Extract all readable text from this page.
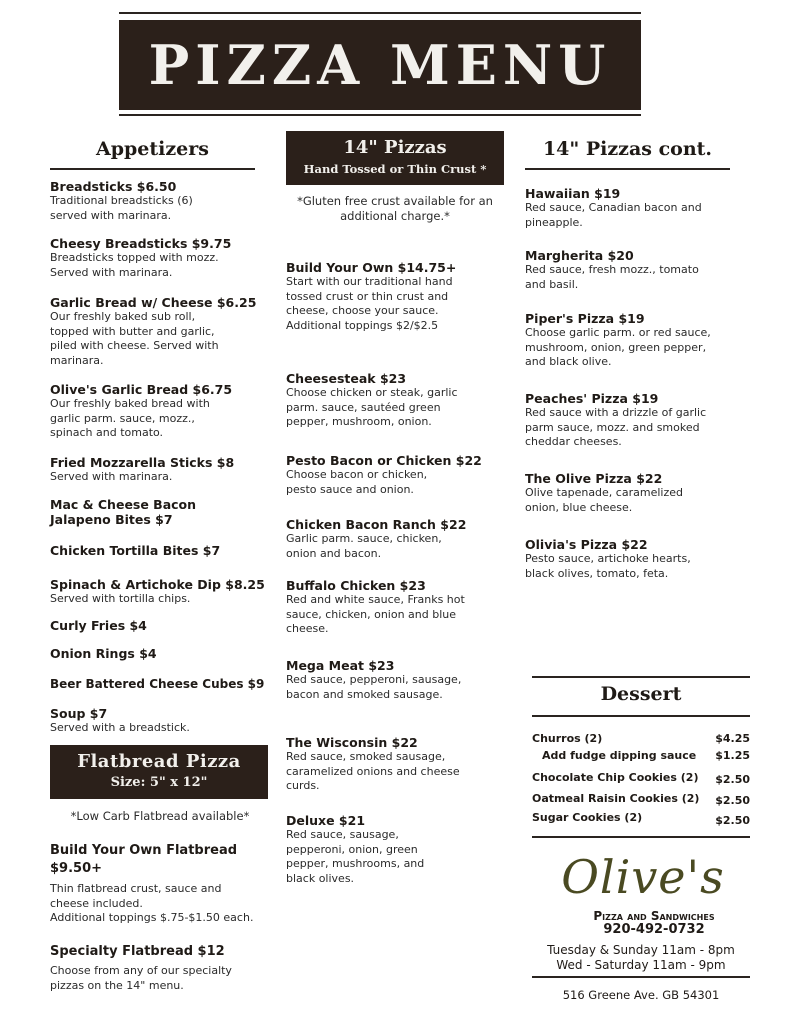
PIZZA MENU
Appetizers
Breadsticks $6.50
Traditional breadsticks (6) served with marinara.
Cheesy Breadsticks $9.75
Breadsticks topped with mozz. Served with marinara.
Garlic Bread w/ Cheese $6.25
Our freshly baked sub roll, topped with butter and garlic, piled with cheese. Served with marinara.
Olive's Garlic Bread $6.75
Our freshly baked bread with garlic parm. sauce, mozz., spinach and tomato.
Fried Mozzarella Sticks $8
Served with marinara.
Mac & Cheese Bacon Jalapeno Bites $7
Chicken Tortilla Bites $7
Spinach & Artichoke Dip $8.25
Served with tortilla chips.
Curly Fries $4
Onion Rings $4
Beer Battered Cheese Cubes $9
Soup $7
Served with a breadstick.
Flatbread Pizza
Size: 5" x 12"
*Low Carb Flatbread available*
Build Your Own Flatbread
$9.50+
Thin flatbread crust, sauce and cheese included.
Additional toppings $.75-$1.50 each.
Specialty Flatbread $12
Choose from any of our specialty pizzas on the 14" menu.
14" Pizzas
Hand Tossed or Thin Crust *
*Gluten free crust available for an additional charge.*
Build Your Own $14.75+
Start with our traditional hand tossed crust or thin crust and cheese, choose your sauce. Additional toppings $2/$2.5
Cheesesteak $23
Choose chicken or steak, garlic parm. sauce, sautéed green pepper, mushroom, onion.
Pesto Bacon or Chicken $22
Choose bacon or chicken, pesto sauce and onion.
Chicken Bacon Ranch $22
Garlic parm. sauce, chicken, onion and bacon.
Buffalo Chicken $23
Red and white sauce, Franks hot sauce, chicken, onion and blue cheese.
Mega Meat $23
Red sauce, pepperoni, sausage, bacon and smoked sausage.
The Wisconsin $22
Red sauce, smoked sausage, caramelized onions and cheese curds.
Deluxe $21
Red sauce, sausage, pepperoni, onion, green pepper, mushrooms, and black olives.
14" Pizzas cont.
Hawaiian $19
Red sauce, Canadian bacon and pineapple.
Margherita $20
Red sauce, fresh mozz., tomato and basil.
Piper's Pizza $19
Choose garlic parm. or red sauce, mushroom, onion, green pepper, and black olive.
Peaches' Pizza $19
Red sauce with a drizzle of garlic parm sauce, mozz. and smoked cheddar cheeses.
The Olive Pizza $22
Olive tapenade, caramelized onion, blue cheese.
Olivia's Pizza $22
Pesto sauce, artichoke hearts, black olives, tomato, feta.
Dessert
Churros (2)	$4.25
Add fudge dipping sauce	$1.25
Chocolate Chip Cookies (2)	$2.50
Oatmeal Raisin Cookies (2)	$2.50
Sugar Cookies (2)	$2.50
Olive's
Pizza and Sandwiches
920-492-0732
Tuesday & Sunday 11am - 8pm
Wed - Saturday 11am - 9pm
516 Greene Ave. GB 54301
